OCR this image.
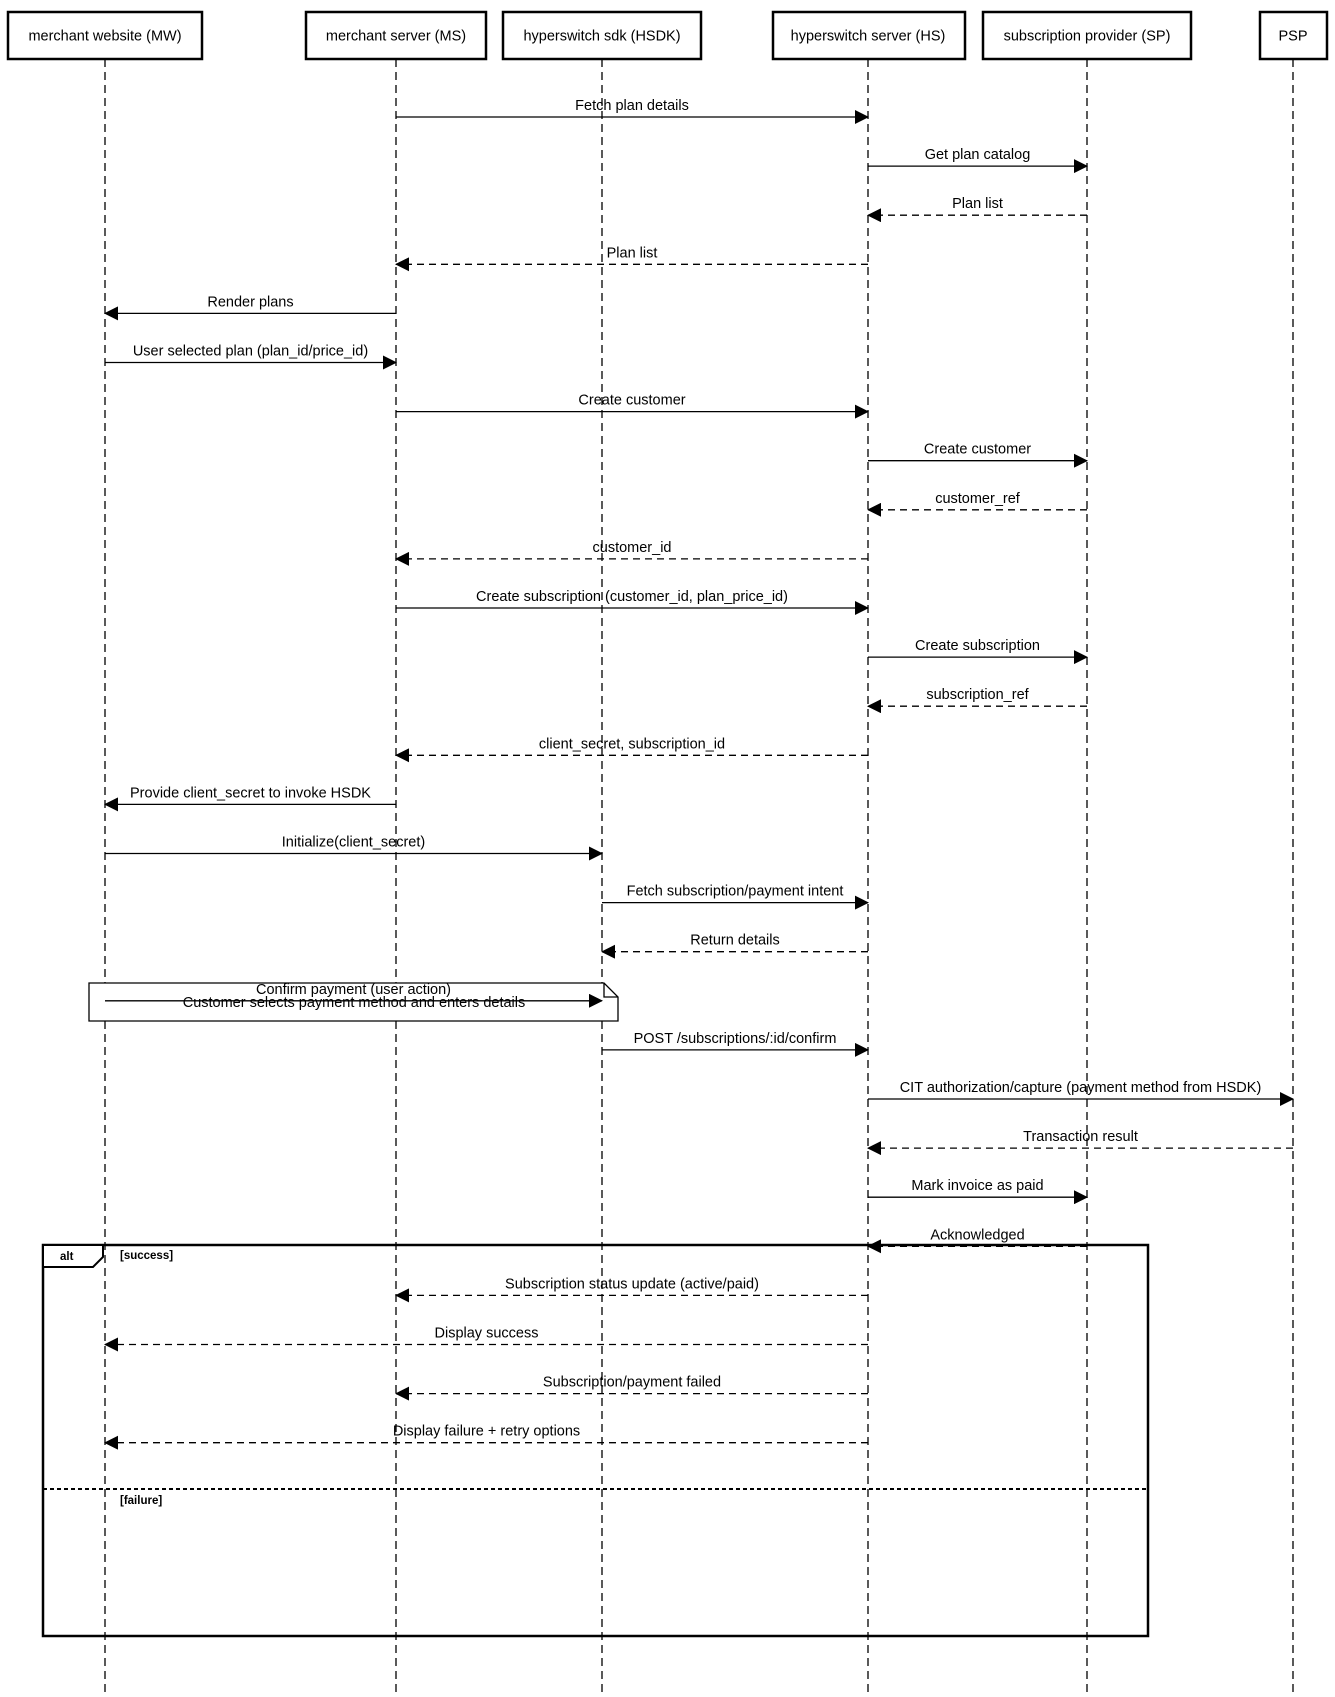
alt	[success]
[failure]
Customer selects payment method and enters details
Fetch plan details
Get plan catalog
Plan list
Plan list
Render plans
User selected plan (plan_id/price_id)
Create customer
Create customer
customer_ref
customer_id
Create subscription (customer_id, plan_price_id)
Create subscription
subscription_ref
client_secret, subscription_id
Provide client_secret to invoke HSDK
Initialize(client_secret)
Fetch subscription/payment intent
Return details
Confirm payment (user action)
POST /subscriptions/:id/confirm
CIT authorization/capture (payment method from HSDK)
Transaction result
Mark invoice as paid
Acknowledged
Subscription status update (active/paid)
Display success
Subscription/payment failed
Display failure + retry options
merchant website (MW)	merchant server (MS)	hyperswitch sdk (HSDK)	hyperswitch server (HS)	subscription provider (SP)	PSP
